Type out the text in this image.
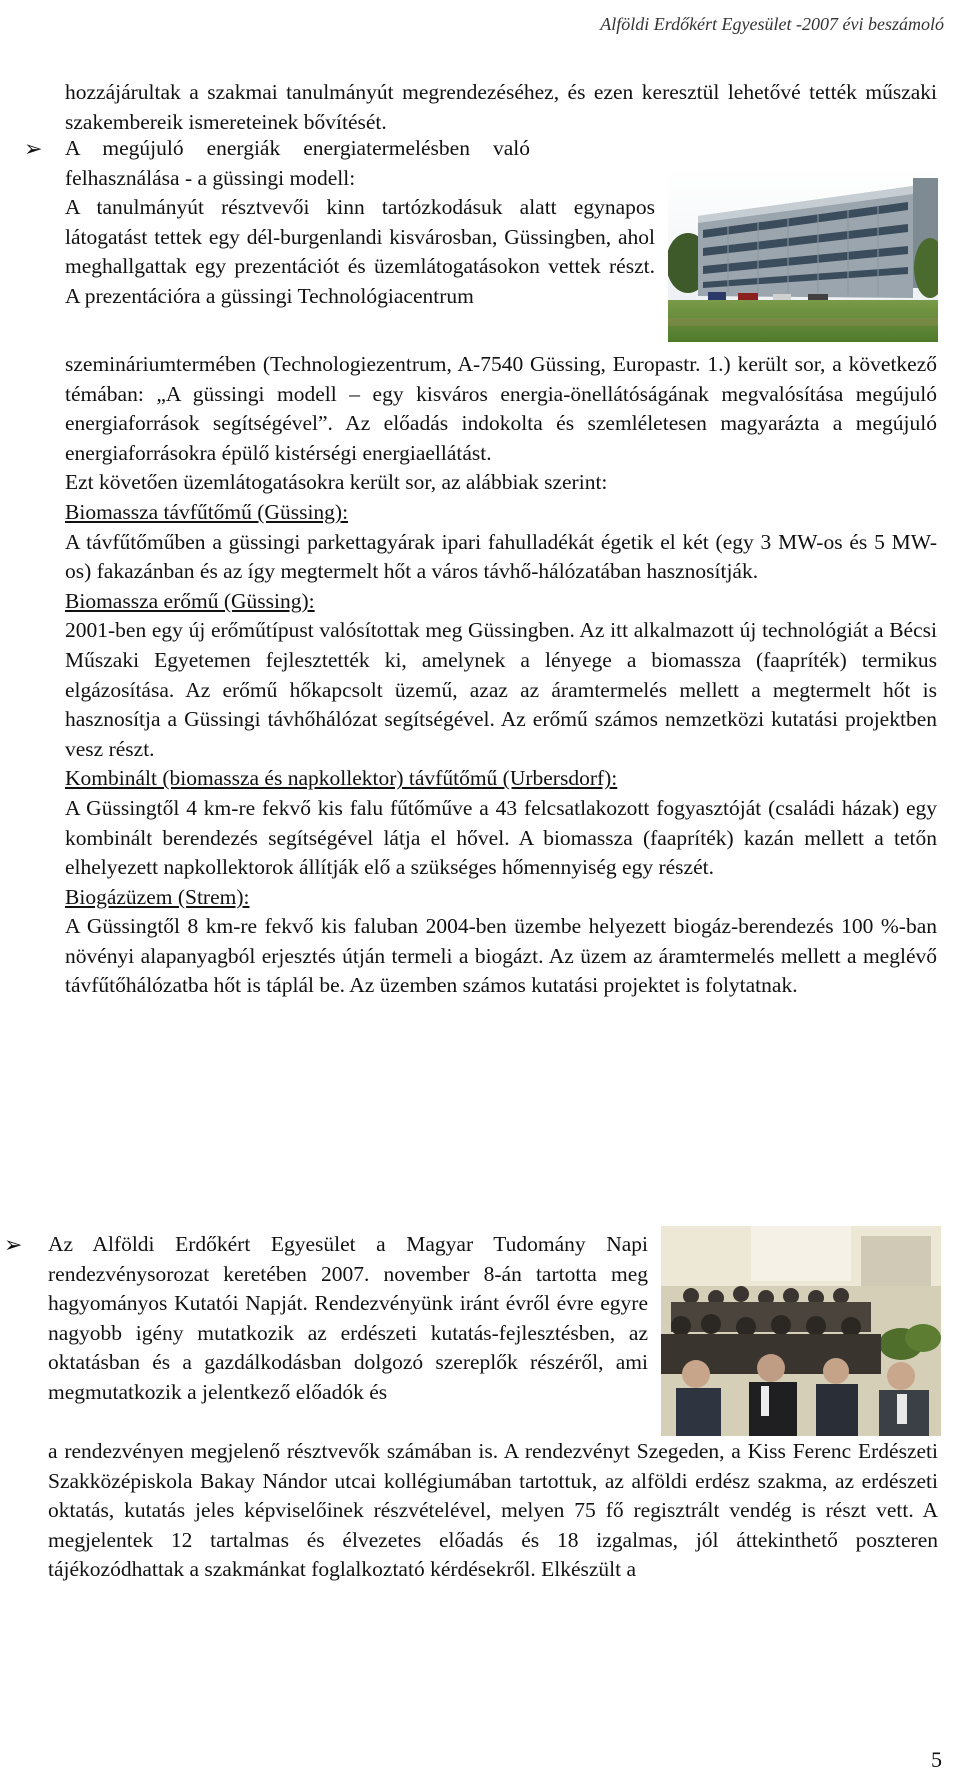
Alföldi Erdőkért Egyesület -2007 évi beszámoló

hozzájárultak a szakmai tanulmányút megrendezéséhez, és ezen keresztül lehetővé tették műszaki szakembereik ismereteinek bővítését.

➢ A megújuló energiák energiatermelésben való felhasználása - a güssingi modell:

A tanulmányút résztvevői kinn tartózkodásuk alatt egynapos látogatást tettek egy dél-burgenlandi kisvárosban, Güssingben, ahol meghallgattak egy prezentációt és üzemlátogatásokon vettek részt. A prezentációra a güssingi Technológiacentrum

szemináriumtermében (Technologiezentrum, A-7540 Güssing, Europastr. 1.) került sor, a következő témában: „A güssingi modell – egy kisváros energia-önellátóságának megvalósítása megújuló energiaforrások segítségével”. Az előadás indokolta és szemléletesen magyarázta a megújuló energiaforrásokra épülő kistérségi energiaellátást.

Ezt követően üzemlátogatásokra került sor, az alábbiak szerint:

Biomassza távfűtőmű (Güssing):

A távfűtőműben a güssingi parkettagyárak ipari fahulladékát égetik el két (egy 3 MW-os és 5 MW-os) fakazánban és az így megtermelt hőt a város távhő-hálózatában hasznosítják.

Biomassza erőmű (Güssing):

2001-ben egy új erőműtípust valósítottak meg Güssingben. Az itt alkalmazott új technológiát a Bécsi Műszaki Egyetemen fejlesztették ki, amelynek a lényege a biomassza (faapríték) termikus elgázosítása. Az erőmű hőkapcsolt üzemű, azaz az áramtermelés mellett a megtermelt hőt is hasznosítja a Güssingi távhőhálózat segítségével. Az erőmű számos nemzetközi kutatási projektben vesz részt.

Kombinált (biomassza és napkollektor) távfűtőmű (Urbersdorf):

A Güssingtől 4 km-re fekvő kis falu fűtőműve a 43 felcsatlakozott fogyasztóját (családi házak) egy kombinált berendezés segítségével látja el hővel. A biomassza (faapríték) kazán mellett a tetőn elhelyezett napkollektorok állítják elő a szükséges hőmennyiség egy részét.

Biogázüzem (Strem):

A Güssingtől 8 km-re fekvő kis faluban 2004-ben üzembe helyezett biogáz-berendezés 100 %-ban növényi alapanyagból erjesztés útján termeli a biogázt. Az üzem az áramtermelés mellett a meglévő távfűtőhálózatba hőt is táplál be. Az üzemben számos kutatási projektet is folytatnak.

➢ Az Alföldi Erdőkért Egyesület a Magyar Tudomány Napi rendezvénysorozat keretében 2007. november 8-án tartotta meg hagyományos Kutatói Napját. Rendezvényünk iránt évről évre egyre nagyobb igény mutatkozik az erdészeti kutatás-fejlesztésben, az oktatásban és a gazdálkodásban dolgozó szereplők részéről, ami megmutatkozik a jelentkező előadók és

a rendezvényen megjelenő résztvevők számában is. A rendezvényt Szegeden, a Kiss Ferenc Erdészeti Szakközépiskola Bakay Nándor utcai kollégiumában tartottuk, az alföldi erdész szakma, az erdészeti oktatás, kutatás jeles képviselőinek részvételével, melyen 75 fő regisztrált vendég is részt vett. A megjelentek 12 tartalmas és élvezetes előadás és 18 izgalmas, jól áttekinthető poszteren tájékozódhattak a szakmánkat foglalkoztató kérdésekről. Elkészült a

5
